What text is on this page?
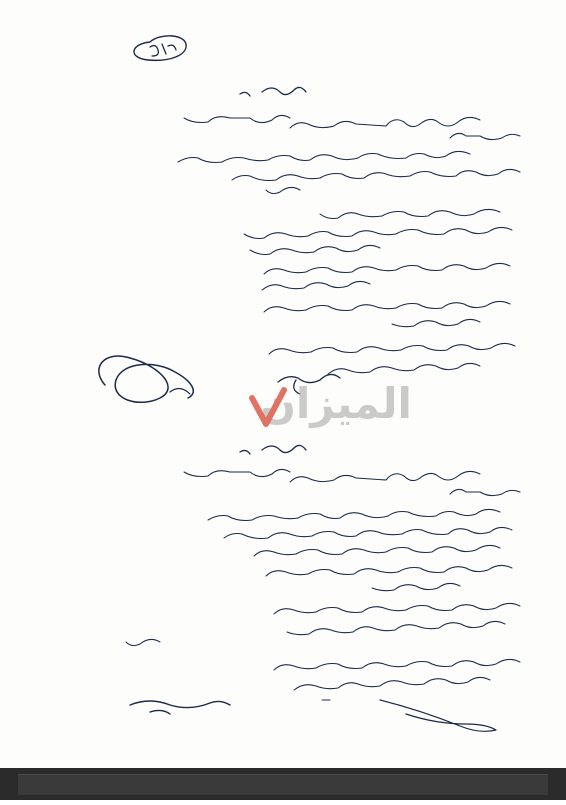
الميزان
